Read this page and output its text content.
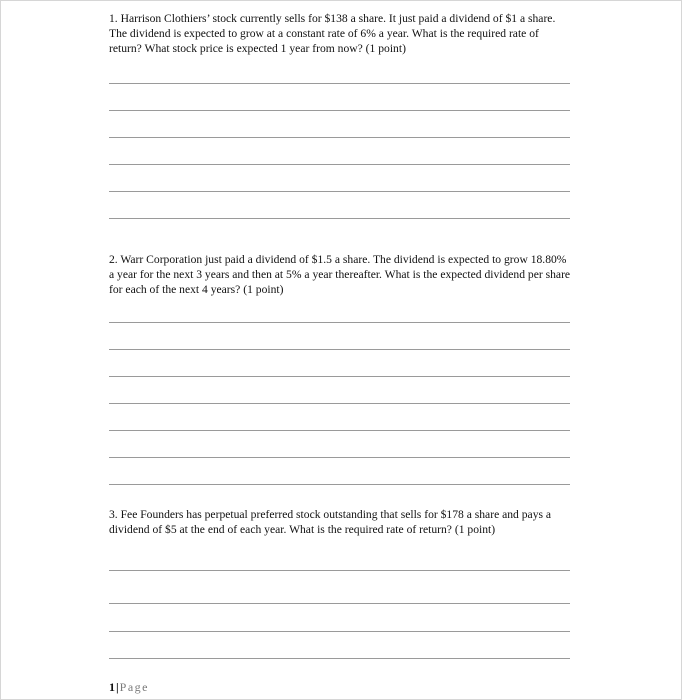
1. Harrison Clothiers’ stock currently sells for $138 a share. It just paid a dividend of $1 a share. The dividend is expected to grow at a constant rate of 6% a year. What is the required rate of return? What stock price is expected 1 year from now? (1 point)

2. Warr Corporation just paid a dividend of $1.5 a share. The dividend is expected to grow 18.80% a year for the next 3 years and then at 5% a year thereafter. What is the expected dividend per share for each of the next 4 years? (1 point)

3. Fee Founders has perpetual preferred stock outstanding that sells for $178 a share and pays a dividend of $5 at the end of each year. What is the required rate of return? (1 point)

1|Page
